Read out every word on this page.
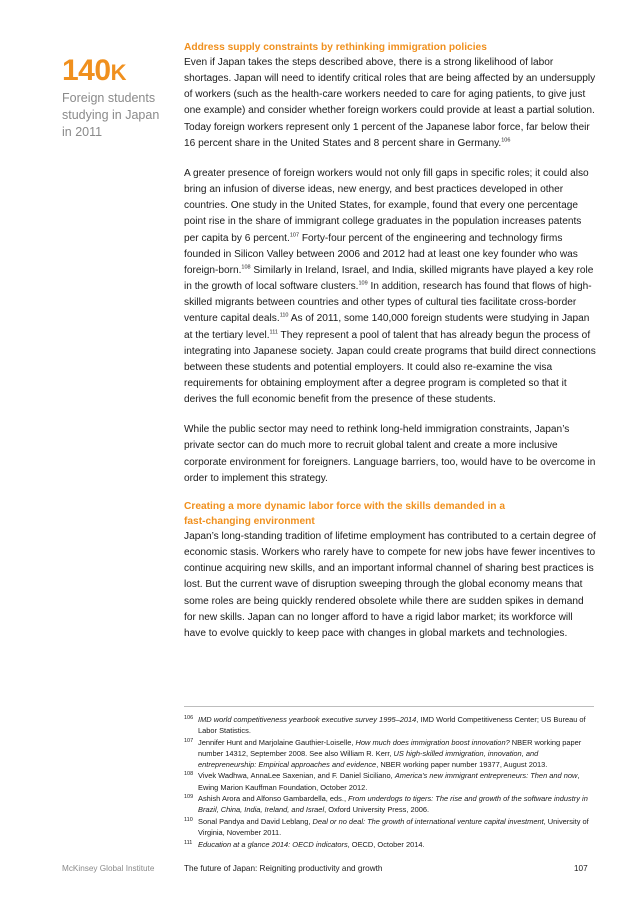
140K
Foreign students studying in Japan in 2011
Address supply constraints by rethinking immigration policies

Even if Japan takes the steps described above, there is a strong likelihood of labor shortages. Japan will need to identify critical roles that are being affected by an undersupply of workers (such as the health-care workers needed to care for aging patients, to give just one example) and consider whether foreign workers could provide at least a partial solution. Today foreign workers represent only 1 percent of the Japanese labor force, far below their 16 percent share in the United States and 8 percent share in Germany.$^{106}$

A greater presence of foreign workers would not only fill gaps in specific roles; it could also bring an infusion of diverse ideas, new energy, and best practices developed in other countries. One study in the United States, for example, found that every one percentage point rise in the share of immigrant college graduates in the population increases patents per capita by 6 percent.$^{107}$ Forty-four percent of the engineering and technology firms founded in Silicon Valley between 2006 and 2012 had at least one key founder who was foreign-born.$^{108}$ Similarly in Ireland, Israel, and India, skilled migrants have played a key role in the growth of local software clusters.$^{109}$ In addition, research has found that flows of high-skilled migrants between countries and other types of cultural ties facilitate cross-border venture capital deals.$^{110}$ As of 2011, some 140,000 foreign students were studying in Japan at the tertiary level.$^{111}$ They represent a pool of talent that has already begun the process of integrating into Japanese society. Japan could create programs that build direct connections between these students and potential employers. It could also re-examine the visa requirements for obtaining employment after a degree program is completed so that it derives the full economic benefit from the presence of these students.

While the public sector may need to rethink long-held immigration constraints, Japan’s private sector can do much more to recruit global talent and create a more inclusive corporate environment for foreigners. Language barriers, too, would have to be overcome in order to implement this strategy.

Creating a more dynamic labor force with the skills demanded in a
fast-changing environment

Japan’s long-standing tradition of lifetime employment has contributed to a certain degree of economic stasis. Workers who rarely have to compete for new jobs have fewer incentives to continue acquiring new skills, and an important informal channel of sharing best practices is lost. But the current wave of disruption sweeping through the global economy means that some roles are being quickly rendered obsolete while there are sudden spikes in demand for new skills. Japan can no longer afford to have a rigid labor market; its workforce will have to evolve quickly to keep pace with changes in global markets and technologies.

106 IMD world competitiveness yearbook executive survey 1995–2014, IMD World Competitiveness Center; US Bureau of Labor Statistics.
107 Jennifer Hunt and Marjolaine Gauthier-Loiselle, How much does immigration boost innovation? NBER working paper number 14312, September 2008. See also William R. Kerr, US high-skilled immigration, innovation, and entrepreneurship: Empirical approaches and evidence, NBER working paper number 19377, August 2013.
108 Vivek Wadhwa, AnnaLee Saxenian, and F. Daniel Siciliano, America’s new immigrant entrepreneurs: Then and now, Ewing Marion Kauffman Foundation, October 2012.
109 Ashish Arora and Alfonso Gambardella, eds., From underdogs to tigers: The rise and growth of the software industry in Brazil, China, India, Ireland, and Israel, Oxford University Press, 2006.
110 Sonal Pandya and David Leblang, Deal or no deal: The growth of international venture capital investment, University of Virginia, November 2011.
111 Education at a glance 2014: OECD indicators, OECD, October 2014.
McKinsey Global Institute	The future of Japan: Reigniting productivity and growth	107
